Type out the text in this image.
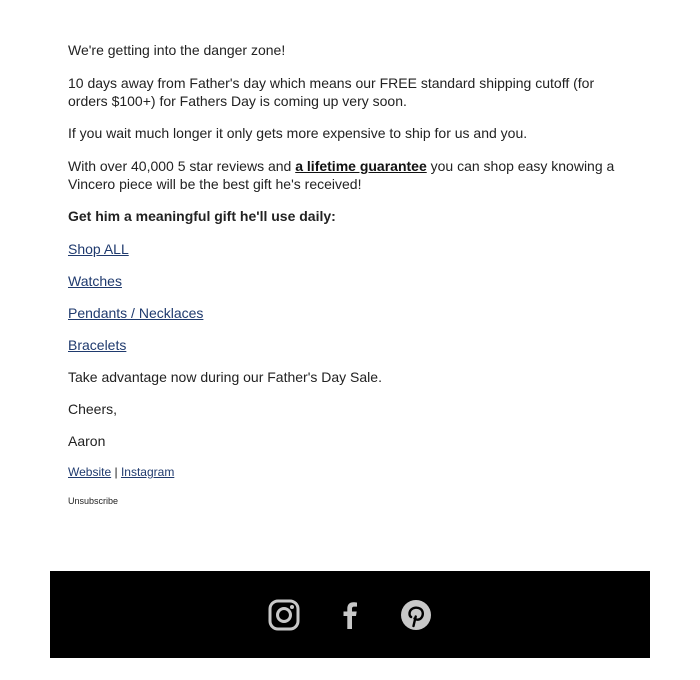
We're getting into the danger zone!

10 days away from Father's day which means our FREE standard shipping cutoff (for orders $100+) for Fathers Day is coming up very soon.

If you wait much longer it only gets more expensive to ship for us and you.

With over 40,000 5 star reviews and a lifetime guarantee you can shop easy knowing a Vincero piece will be the best gift he's received!

Get him a meaningful gift he'll use daily:

Shop ALL

Watches

Pendants / Necklaces

Bracelets

Take advantage now during our Father's Day Sale.

Cheers,

Aaron

Website | Instagram

Unsubscribe
